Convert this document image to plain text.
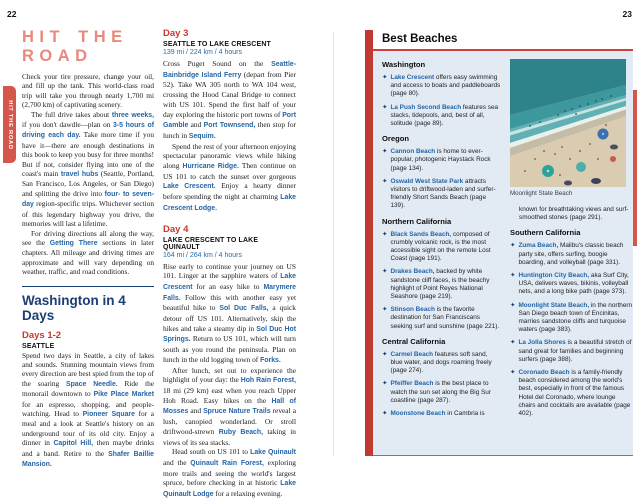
22	23
HIT THE ROAD
HIT THE
ROAD

Check your tire pressure, change your oil, and fill up the tank. This world-class road trip will take you through nearly 1,700 mi (2,700 km) of captivating scenery.

The full drive takes about three weeks, if you don't dawdle—plan on 3-5 hours of driving each day. Take more time if you have it—there are enough destinations in this book to keep you busy for three months! But if not, consider flying into one of the coast's main travel hubs (Seattle, Portland, San Francisco, Los Angeles, or San Diego) and splitting the drive into four- to seven-day region-specific trips. Whichever section of this legendary highway you drive, the memories will last a lifetime.

For driving directions all along the way, see the Getting There sections in later chapters. All mileage and driving times are approximate and will vary depending on weather, traffic, and road conditions.

Washington in 4 Days
Days 1-2
SEATTLE

Spend two days in Seattle, a city of lakes and sounds. Stunning mountain views from every direction are best spied from the top of the soaring Space Needle. Ride the monorail downtown to Pike Place Market for an espresso, shopping, and people-watching. Head to Pioneer Square for a meal and a look at Seattle's history on an underground tour of its old city. Enjoy a dinner in Capitol Hill, then maybe drinks and a band. Retire to the Shafer Baillie Mansion.

Day 3
SEATTLE TO LAKE CRESCENT
139 mi / 224 km / 4 hours

Cross Puget Sound on the Seattle-Bainbridge Island Ferry (depart from Pier 52). Take WA 305 north to WA 104 west, crossing the Hood Canal Bridge to connect with US 101. Spend the first half of your day exploring the historic port towns of Port Gamble and Port Townsend, then stop for lunch in Sequim.

Spend the rest of your afternoon enjoying spectacular panoramic views while hiking along Hurricane Ridge. Then continue on US 101 to catch the sunset over gorgeous Lake Crescent. Enjoy a hearty dinner before spending the night at charming Lake Crescent Lodge.

Day 4
LAKE CRESCENT TO LAKE QUINAULT
164 mi / 264 km / 4 hours

Rise early to continue your journey on US 101. Linger at the sapphire waters of Lake Crescent for an easy hike to Marymere Falls. Follow this with another easy yet beautiful hike to Sol Duc Falls, a quick detour off US 101. Alternatively, skip the hikes and take a steamy dip in Sol Duc Hot Springs. Return to US 101, which will turn south as you round the peninsula. Plan on lunch in the old logging town of Forks.

After lunch, set out to experience the highlight of your day: the Hoh Rain Forest, 18 mi (29 km) east when you reach Upper Hoh Road. Easy hikes on the Hall of Mosses and Spruce Nature Trails reveal a lush, canopied wonderland. Or stroll driftwood-strewn Ruby Beach, taking in views of its sea stacks.

Head south on US 101 to Lake Quinault and the Quinault Rain Forest, exploring more trails and seeing the world's largest spruce, before checking in at historic Lake Quinault Lodge for a relaxing evening.

Best Beaches
Washington
✦ Lake Crescent offers easy swimming and access to boats and paddleboards (page 80).
✦ La Push Second Beach features sea stacks, tidepools, and, best of all, solitude (page 89).
Oregon
✦ Cannon Beach is home to ever-popular, photogenic Haystack Rock (page 134).
✦ Oswald West State Park attracts visitors to driftwood-laden and surfer-friendly Short Sands Beach (page 139).
Northern California
✦ Black Sands Beach, composed of crumbly volcanic rock, is the most accessible sight on the remote Lost Coast (page 191).
✦ Drakes Beach, backed by white sandstone cliff faces, is the beachy highlight of Point Reyes National Seashore (page 219).
✦ Stinson Beach is the favorite destination for San Franciscans seeking surf and sunshine (page 221).
Central California
✦ Carmel Beach features soft sand, blue water, and dogs roaming freely (page 274).
✦ Pfeiffer Beach is the best place to watch the sun set along the Big Sur coastline (page 287).
✦ Moonstone Beach in Cambria is
Moonlight State Beach
known for breathtaking views and surf-smoothed stones (page 291).
Southern California
✦ Zuma Beach, Malibu's classic beach party site, offers surfing, boogie boarding, and volleyball (page 331).
✦ Huntington City Beach, aka Surf City, USA, delivers waves, bikinis, volleyball nets, and a long bike path (page 373).
✦ Moonlight State Beach, in the northern San Diego beach town of Encinitas, marries sandstone cliffs and turquoise waters (page 383).
✦ La Jolla Shores is a beautiful stretch of sand great for families and beginning surfers (page 388).
✦ Coronado Beach is a family-friendly beach considered among the world's best, especially in front of the famous Hotel del Coronado, where lounge chairs and cocktails are available (page 402).
